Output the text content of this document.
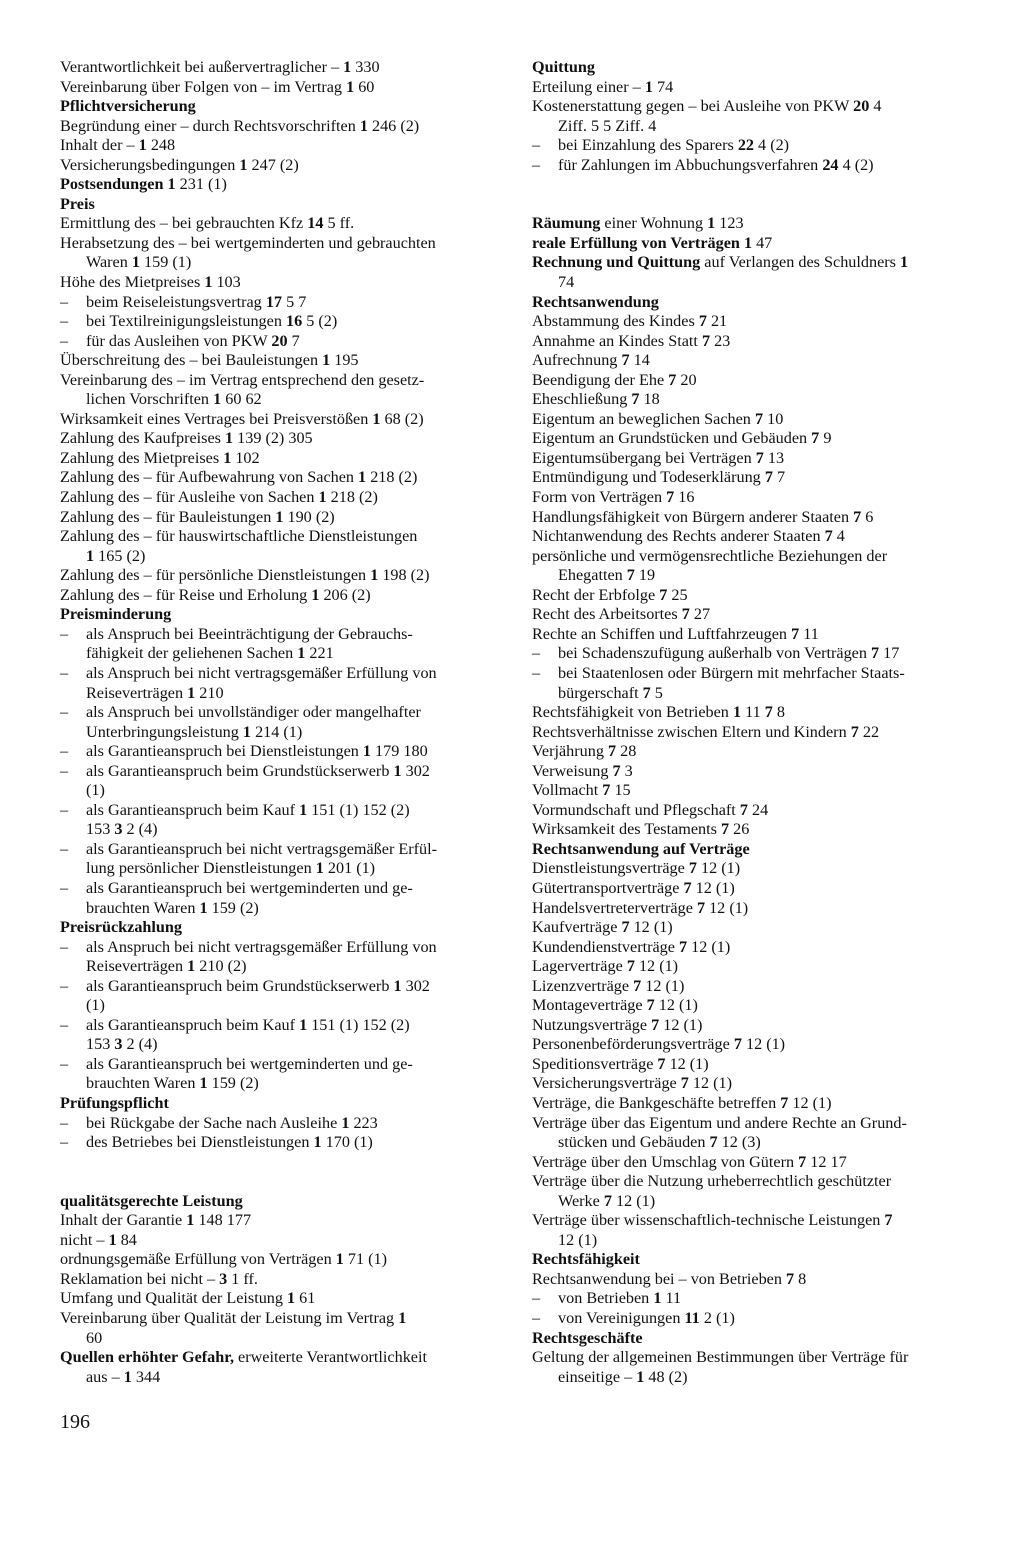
Verantwortlichkeit bei außervertraglicher – 1 330
Vereinbarung über Folgen von – im Vertrag 1 60
Pflichtversicherung
Begründung einer – durch Rechtsvorschriften 1 246 (2)
Inhalt der – 1 248
Versicherungsbedingungen 1 247 (2)
Postsendungen 1 231 (1)
Preis
Ermittlung des – bei gebrauchten Kfz 14 5 ff.
Herabsetzung des – bei wertgeminderten und gebrauchten
Waren 1 159 (1)
Höhe des Mietpreises 1 103
– beim Reiseleistungsvertrag 17 5 7
– bei Textilreinigungsleistungen 16 5 (2)
– für das Ausleihen von PKW 20 7
Überschreitung des – bei Bauleistungen 1 195
Vereinbarung des – im Vertrag entsprechend den gesetz-
lichen Vorschriften 1 60 62
Wirksamkeit eines Vertrages bei Preisverstößen 1 68 (2)
Zahlung des Kaufpreises 1 139 (2) 305
Zahlung des Mietpreises 1 102
Zahlung des – für Aufbewahrung von Sachen 1 218 (2)
Zahlung des – für Ausleihe von Sachen 1 218 (2)
Zahlung des – für Bauleistungen 1 190 (2)
Zahlung des – für hauswirtschaftliche Dienstleistungen
1 165 (2)
Zahlung des – für persönliche Dienstleistungen 1 198 (2)
Zahlung des – für Reise und Erholung 1 206 (2)
Preisminderung
– als Anspruch bei Beeinträchtigung der Gebrauchs-
fähigkeit der geliehenen Sachen 1 221
– als Anspruch bei nicht vertragsgemäßer Erfüllung von
Reiseverträgen 1 210
– als Anspruch bei unvollständiger oder mangelhafter
Unterbringungsleistung 1 214 (1)
– als Garantieanspruch bei Dienstleistungen 1 179 180
– als Garantieanspruch beim Grundstückserwerb 1 302
(1)
– als Garantieanspruch beim Kauf 1 151 (1) 152 (2)
153 3 2 (4)
– als Garantieanspruch bei nicht vertragsgemäßer Erfül-
lung persönlicher Dienstleistungen 1 201 (1)
– als Garantieanspruch bei wertgeminderten und ge-
brauchten Waren 1 159 (2)
Preisrückzahlung
– als Anspruch bei nicht vertragsgemäßer Erfüllung von
Reiseverträgen 1 210 (2)
– als Garantieanspruch beim Grundstückserwerb 1 302
(1)
– als Garantieanspruch beim Kauf 1 151 (1) 152 (2)
153 3 2 (4)
– als Garantieanspruch bei wertgeminderten und ge-
brauchten Waren 1 159 (2)
Prüfungspflicht
– bei Rückgabe der Sache nach Ausleihe 1 223
– des Betriebes bei Dienstleistungen 1 170 (1)
qualitätsgerechte Leistung
Inhalt der Garantie 1 148 177
nicht – 1 84
ordnungsgemäße Erfüllung von Verträgen 1 71 (1)
Reklamation bei nicht – 3 1 ff.
Umfang und Qualität der Leistung 1 61
Vereinbarung über Qualität der Leistung im Vertrag 1
60
Quellen erhöhter Gefahr, erweiterte Verantwortlichkeit
aus – 1 344
Quittung
Erteilung einer – 1 74
Kostenerstattung gegen – bei Ausleihe von PKW 20 4
Ziff. 5 5 Ziff. 4
– bei Einzahlung des Sparers 22 4 (2)
– für Zahlungen im Abbuchungsverfahren 24 4 (2)
Räumung einer Wohnung 1 123
reale Erfüllung von Verträgen 1 47
Rechnung und Quittung auf Verlangen des Schuldners 1
74
Rechtsanwendung
Abstammung des Kindes 7 21
Annahme an Kindes Statt 7 23
Aufrechnung 7 14
Beendigung der Ehe 7 20
Eheschließung 7 18
Eigentum an beweglichen Sachen 7 10
Eigentum an Grundstücken und Gebäuden 7 9
Eigentumsübergang bei Verträgen 7 13
Entmündigung und Todeserklärung 7 7
Form von Verträgen 7 16
Handlungsfähigkeit von Bürgern anderer Staaten 7 6
Nichtanwendung des Rechts anderer Staaten 7 4
persönliche und vermögensrechtliche Beziehungen der
Ehegatten 7 19
Recht der Erbfolge 7 25
Recht des Arbeitsortes 7 27
Rechte an Schiffen und Luftfahrzeugen 7 11
– bei Schadenszufügung außerhalb von Verträgen 7 17
– bei Staatenlosen oder Bürgern mit mehrfacher Staats-
bürgerschaft 7 5
Rechtsfähigkeit von Betrieben 1 11 7 8
Rechtsverhältnisse zwischen Eltern und Kindern 7 22
Verjährung 7 28
Verweisung 7 3
Vollmacht 7 15
Vormundschaft und Pflegschaft 7 24
Wirksamkeit des Testaments 7 26
Rechtsanwendung auf Verträge
Dienstleistungsverträge 7 12 (1)
Gütertransportverträge 7 12 (1)
Handelsvertreterverträge 7 12 (1)
Kaufverträge 7 12 (1)
Kundendienstverträge 7 12 (1)
Lagerverträge 7 12 (1)
Lizenzverträge 7 12 (1)
Montageverträge 7 12 (1)
Nutzungsverträge 7 12 (1)
Personenbeförderungsverträge 7 12 (1)
Speditionsverträge 7 12 (1)
Versicherungsverträge 7 12 (1)
Verträge, die Bankgeschäfte betreffen 7 12 (1)
Verträge über das Eigentum und andere Rechte an Grund-
stücken und Gebäuden 7 12 (3)
Verträge über den Umschlag von Gütern 7 12 17
Verträge über die Nutzung urheberrechtlich geschützter
Werke 7 12 (1)
Verträge über wissenschaftlich-technische Leistungen 7
12 (1)
Rechtsfähigkeit
Rechtsanwendung bei – von Betrieben 7 8
– von Betrieben 1 11
– von Vereinigungen 11 2 (1)
Rechtsgeschäfte
Geltung der allgemeinen Bestimmungen über Verträge für
einseitige – 1 48 (2)
196
